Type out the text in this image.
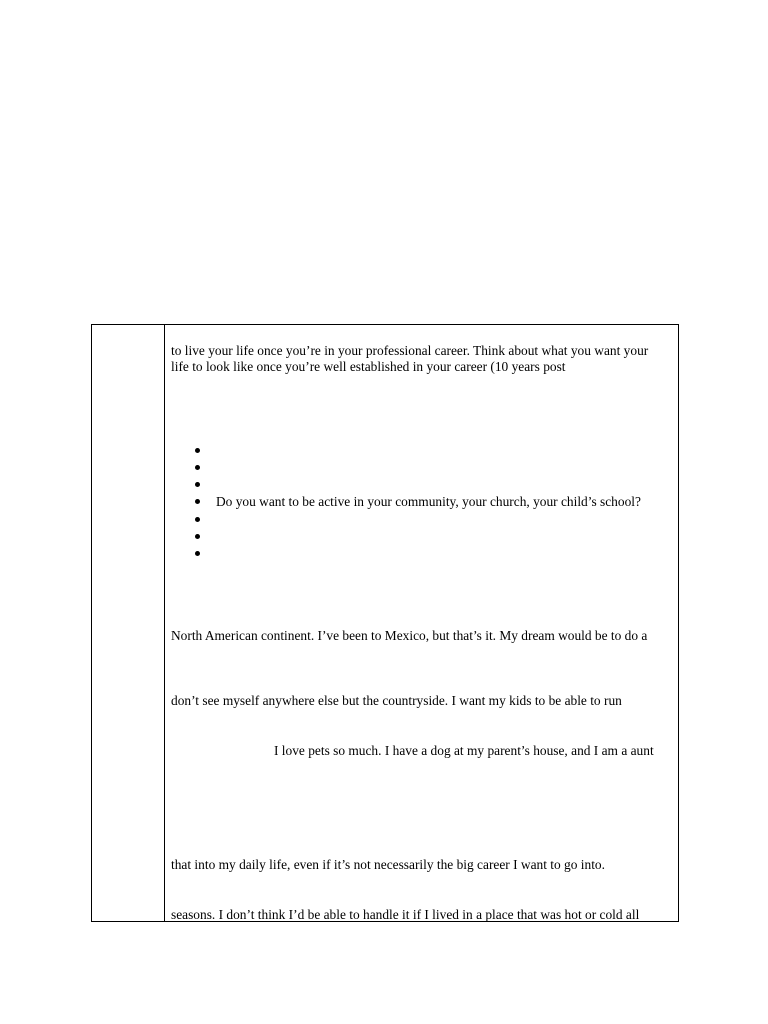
to live your life once you’re in your professional career. Think about what you want your
life to look like once you’re well established in your career (10 years post
Do you want to be active in your community, your church, your child’s school?
North American continent. I’ve been to Mexico, but that’s it. My dream would be to do a
don’t see myself anywhere else but the countryside. I want my kids to be able to run
I love pets so much. I have a dog at my parent’s house, and I am a aunt
that into my daily life, even if it’s not necessarily the big career I want to go into.
seasons. I don’t think I’d be able to handle it if I lived in a place that was hot or cold all
